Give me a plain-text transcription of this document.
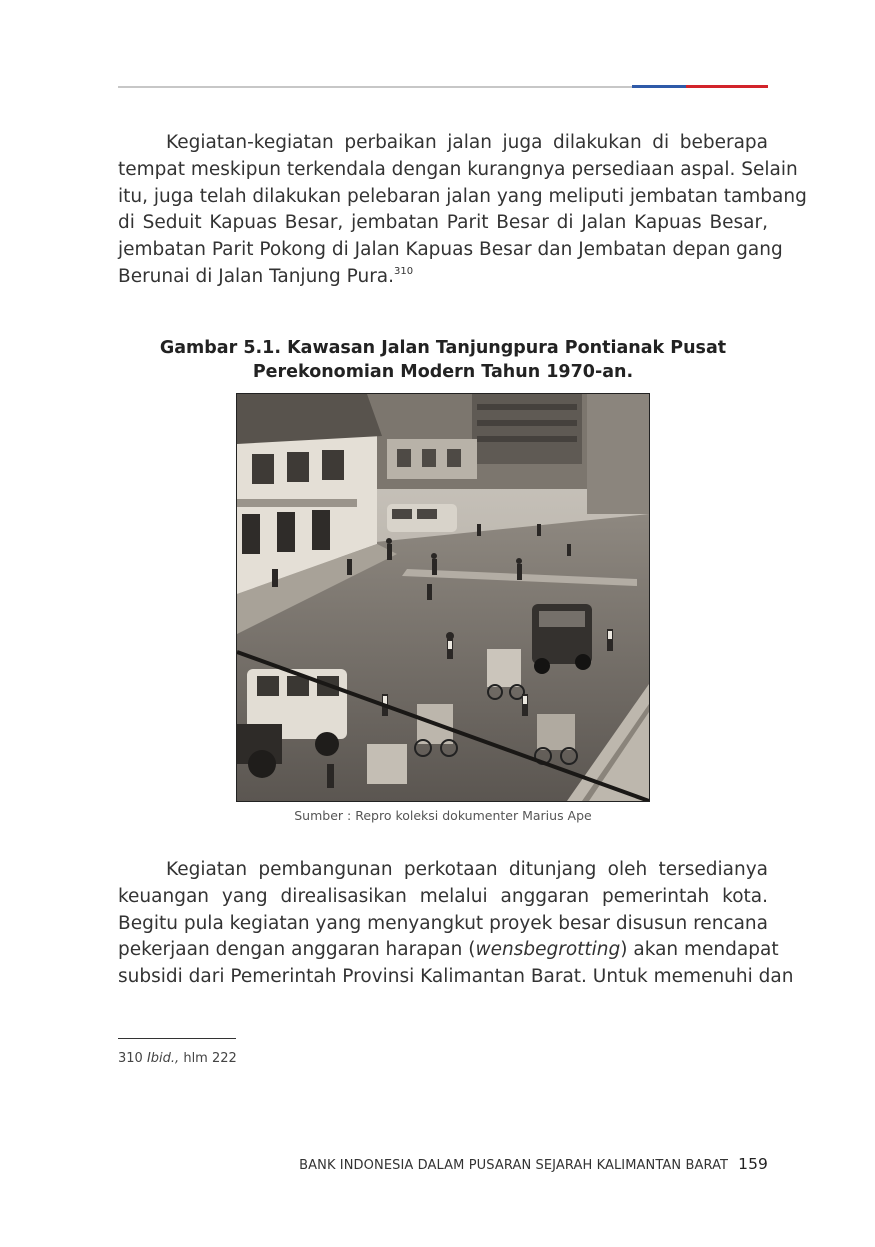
Kegiatan-kegiatan perbaikan jalan juga dilakukan di beberapa
tempat meskipun terkendala dengan kurangnya persediaan aspal. Selain
itu, juga telah dilakukan pelebaran jalan yang meliputi jembatan tambang
di Seduit Kapuas Besar, jembatan Parit Besar di Jalan Kapuas Besar,
jembatan Parit Pokong di Jalan Kapuas Besar dan Jembatan depan gang
Berunai di Jalan Tanjung Pura.$^{310}$
Gambar 5.1. Kawasan Jalan Tanjungpura Pontianak Pusat
Perekonomian Modern Tahun 1970-an.
Sumber : Repro koleksi dokumenter Marius Ape
Kegiatan pembangunan perkotaan ditunjang oleh tersedianya
keuangan yang direalisasikan melalui anggaran pemerintah kota.
Begitu pula kegiatan yang menyangkut proyek besar disusun rencana
pekerjaan dengan anggaran harapan (wensbegrotting) akan mendapat
subsidi dari Pemerintah Provinsi Kalimantan Barat. Untuk memenuhi dan
310 Ibid., hlm 222
BANK INDONESIA DALAM PUSARAN SEJARAH KALIMANTAN BARAT 159
